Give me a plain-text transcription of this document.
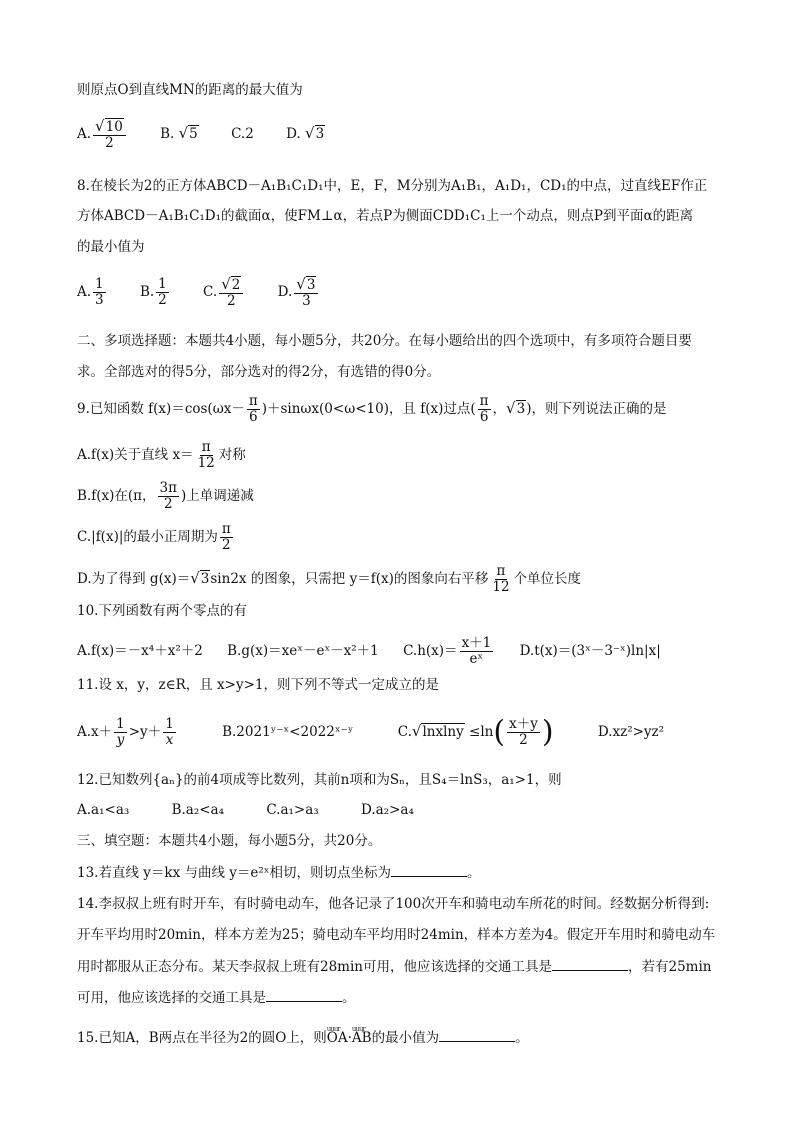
则原点O到直线MN的距离的最大值为
A. $\frac{√10}{2}$	B. √5 C.2 D. √3
8.在棱长为2的正方体ABCD－A₁B₁C₁D₁中，E，F，M分别为A₁B₁，A₁D₁，CD₁的中点，过直线EF作正
方体ABCD－A₁B₁C₁D₁的截面α，使FM⊥α，若点P为侧面CDD₁C₁上一个动点，则点P到平面α的距离
的最小值为
A. $\frac{1}{3}$	B. $\frac{1}{2}$	C. $\frac{√2}{2}$	D. $\frac{√3}{3}$
二、多项选择题：本题共4小题，每小题5分，共20分。在每小题给出的四个选项中，有多项符合题目要
求。全部选对的得5分，部分选对的得2分，有选错的得0分。
9.已知函数 $f(x)=\cos(\omega x- \frac{\pi}{6} )+\sin\omega x(0<\omega<10)$，且 f(x)过点( $\frac{\pi}{6}$ ，√3)，则下列说法正确的是
A.f(x)关于直线 $x= \frac{\pi}{12}$ 对称
B.f(x)在(π， $\frac{3\pi}{2}$ )上单调递减
C.|f(x)|的最小正周期为 $\frac{\pi}{2}$
D.为了得到 g(x)＝√3sin2x 的图象，只需把 y＝f(x)的图象向右平移 $\frac{\pi}{12}$ 个单位长度
10.下列函数有两个零点的有
A.f(x)＝－x⁴＋x²＋2 B.g(x)＝xeˣ－eˣ－x²＋1 $C.h(x)= \frac{x+1}{\text{eˣ}}$ D.t(x)＝(3ˣ－3⁻ˣ)ln|x|
11.设 x，y，z∈R，且 x>y>1，则下列不等式一定成立的是
$A.x+ \frac{1}{y} >y+ \frac{1}{x}$	B.2021ʸ⁻ˣ<2022ˣ⁻ʸ	$C.√lnxlny \le\ln( \frac{x+y}{2}$ )	D.xz²>yz²
12.已知数列{aₙ}的前4项成等比数列，其前n项和为Sₙ，且S₄＝lnS₃，a₁>1，则
A.a₁<a₃	B.a₂<a₄	C.a₁>a₃	D.a₂>a₄
三、填空题：本题共4小题，每小题5分，共20分。
13.若直线 y＝kx 与曲线 y＝e²ˣ相切，则切点坐标为	。
14.李叔叔上班有时开车，有时骑电动车，他各记录了100次开车和骑电动车所花的时间。经数据分析得到:
开车平均用时20min，样本方差为25；骑电动车平均用时24min，样本方差为4。假定开车用时和骑电动车
用时都服从正态分布。某天李叔叔上班有28min可用，他应该选择的交通工具是	，若有25min
可用，他应该选择的交通工具是	。
15.已知A，B两点在半径为2的圆O上，则uuur OA·uuur AB的最小值为	。
